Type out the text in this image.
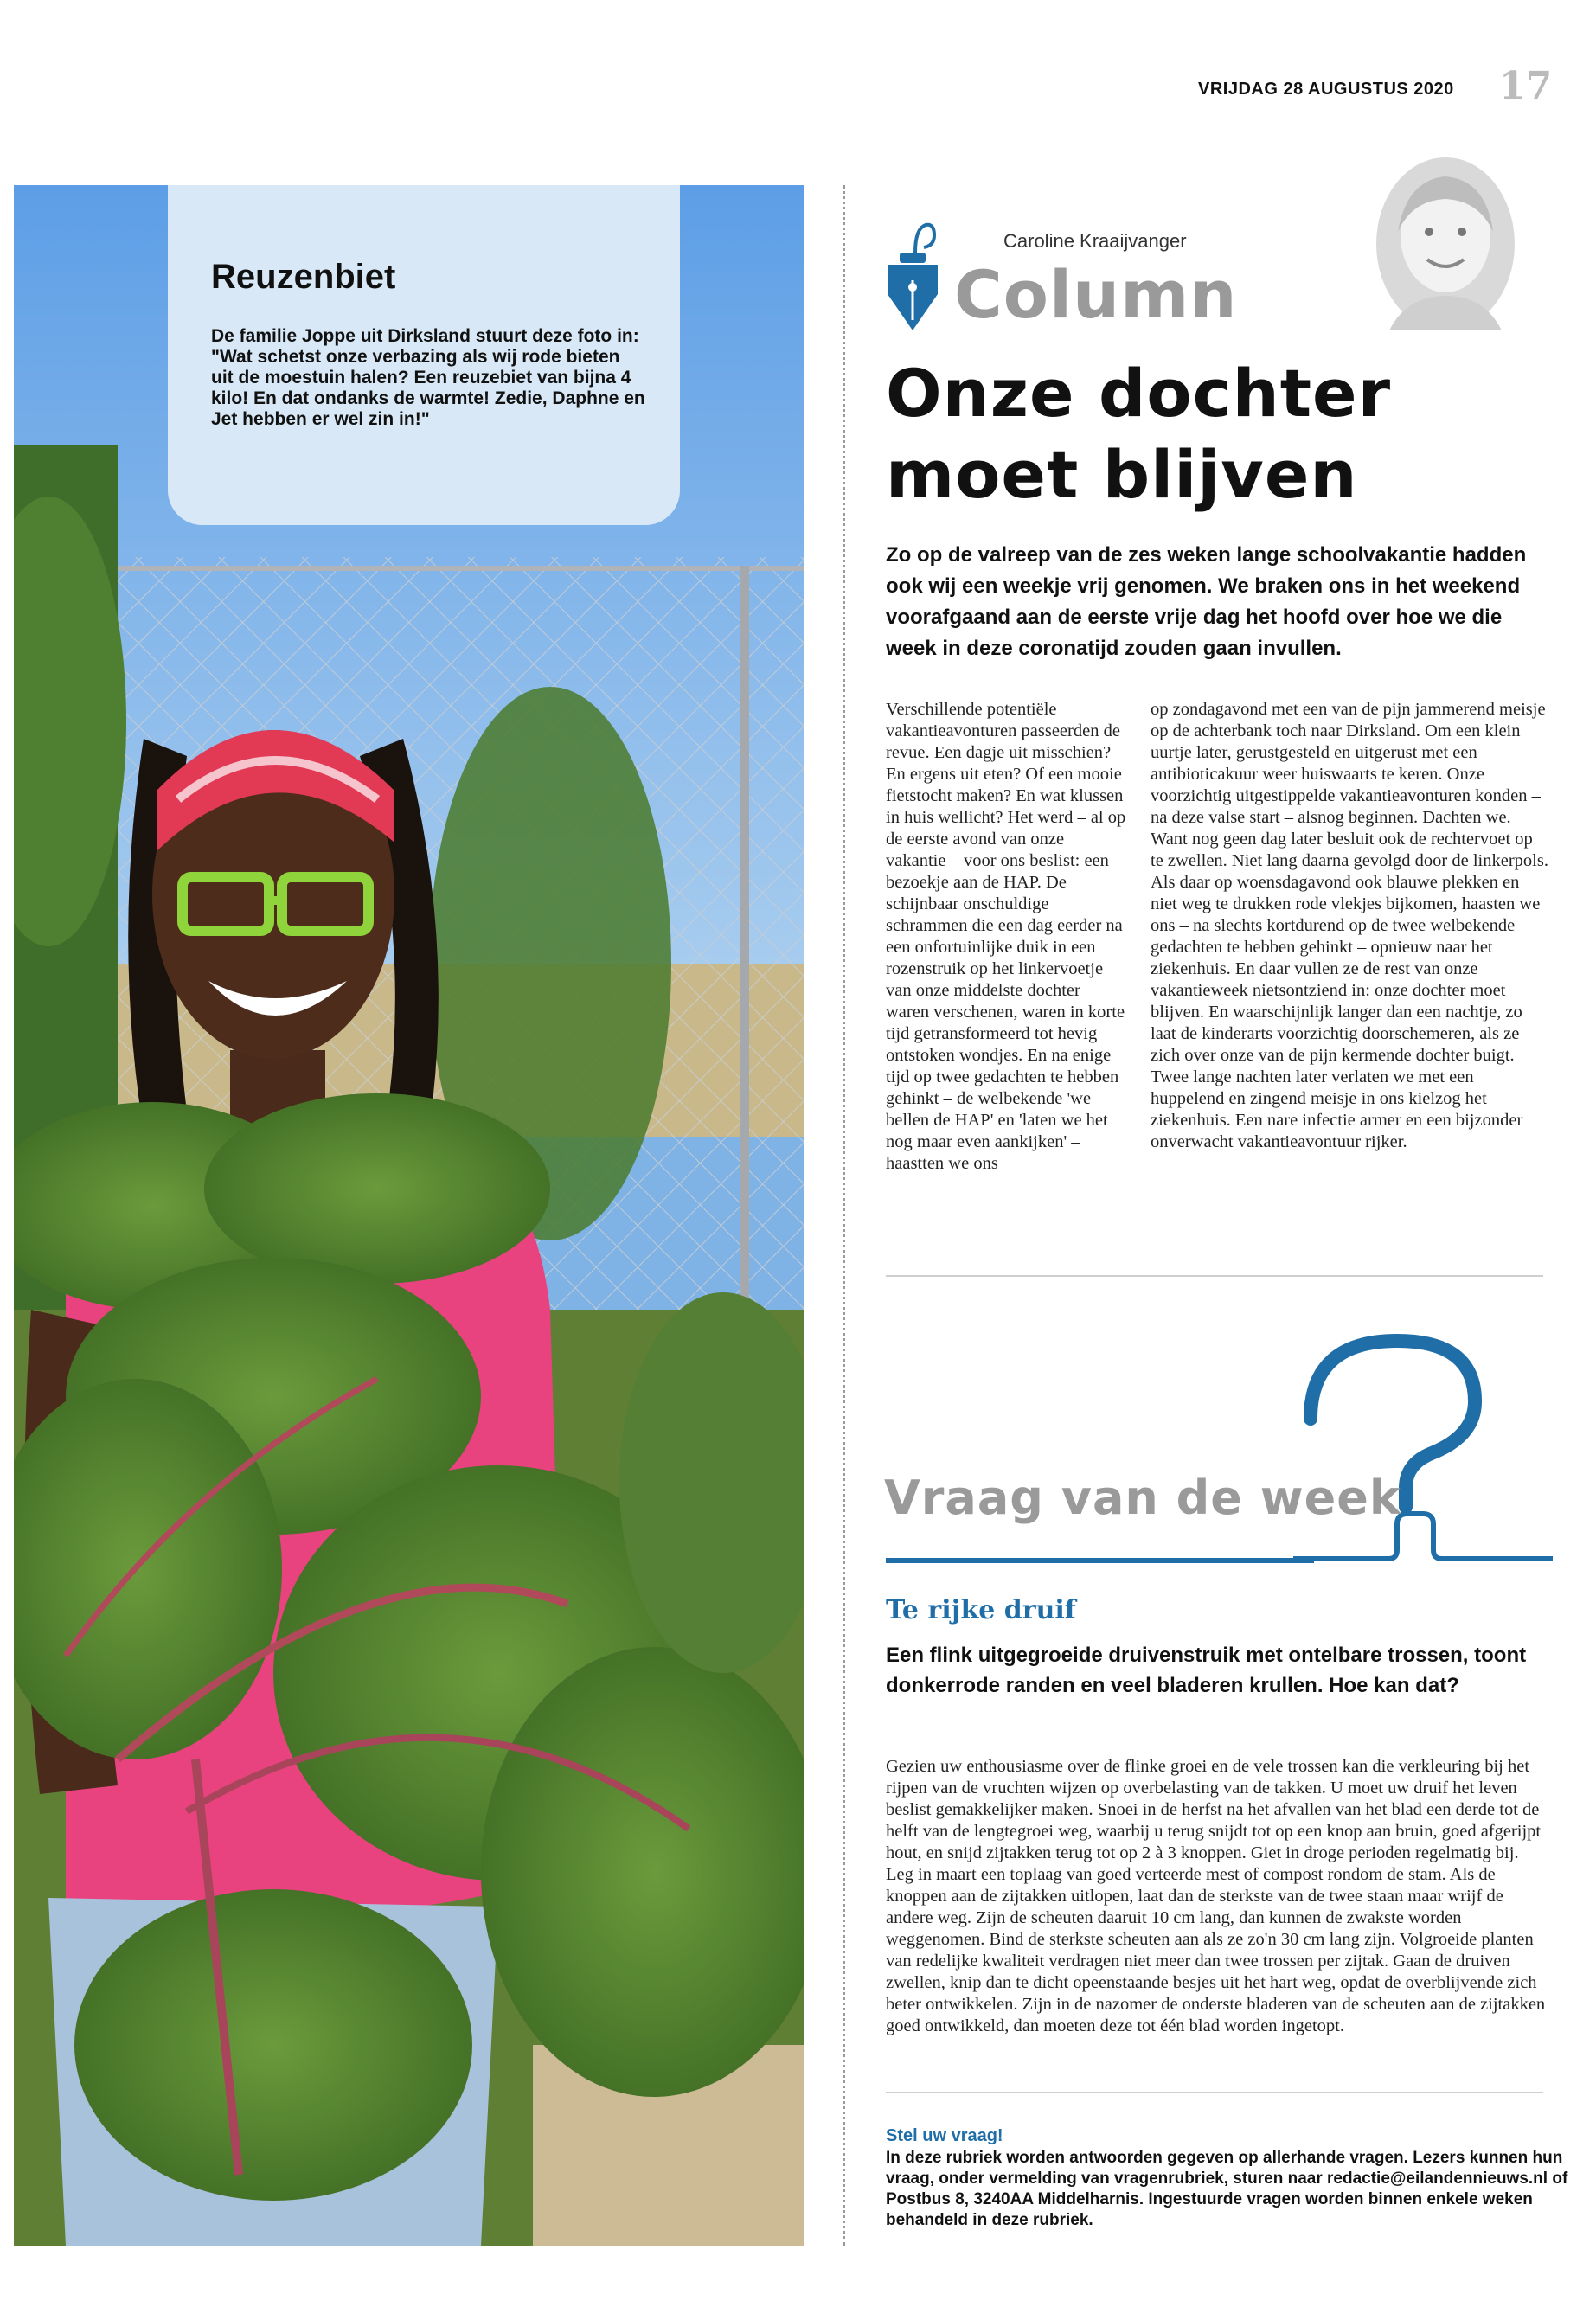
VRIJDAG 28 AUGUSTUS 2020 17
Reuzenbiet

De familie Joppe uit Dirksland stuurt deze foto in: "Wat schetst onze verbazing als wij rode bieten uit de moestuin halen? Een reuzebiet van bijna 4 kilo! En dat ondanks de warmte! Zedie, Daphne en Jet hebben er wel zin in!"

Caroline Kraaijvanger
Column
Onze dochter moet blijven

Zo op de valreep van de zes weken lange schoolvakantie hadden ook wij een weekje vrij genomen. We braken ons in het weekend voorafgaand aan de eerste vrije dag het hoofd over hoe we die week in deze coronatijd zouden gaan invullen.

Verschillende potentiële vakantieavonturen passeerden de revue. Een dagje uit misschien? En ergens uit eten? Of een mooie fietstocht maken? En wat klussen in huis wellicht? Het werd – al op de eerste avond van onze vakantie – voor ons beslist: een bezoekje aan de HAP. De schijnbaar onschuldige schrammen die een dag eerder na een onfortuinlijke duik in een rozenstruik op het linkervoetje van onze middelste dochter waren verschenen, waren in korte tijd getransformeerd tot hevig ontstoken wondjes. En na enige tijd op twee gedachten te hebben gehinkt – de welbekende 'we bellen de HAP' en 'laten we het nog maar even aankijken' – haastten we ons

op zondagavond met een van de pijn jammerend meisje op de achterbank toch naar Dirksland. Om een klein uurtje later, gerustgesteld en uitgerust met een antibioticakuur weer huiswaarts te keren. Onze voorzichtig uitgestippelde vakantieavonturen konden – na deze valse start – alsnog beginnen. Dachten we. Want nog geen dag later besluit ook de rechtervoet op te zwellen. Niet lang daarna gevolgd door de linkerpols. Als daar op woensdagavond ook blauwe plekken en niet weg te drukken rode vlekjes bijkomen, haasten we ons – na slechts kortdurend op de twee welbekende gedachten te hebben gehinkt – opnieuw naar het ziekenhuis. En daar vullen ze de rest van onze vakantieweek nietsontziend in: onze dochter moet blijven. En waarschijnlijk langer dan een nachtje, zo laat de kinderarts voorzichtig doorschemeren, als ze zich over onze van de pijn kermende dochter buigt. Twee lange nachten later verlaten we met een huppelend en zingend meisje in ons kielzog het ziekenhuis. Een nare infectie armer en een bijzonder onverwacht vakantieavontuur rijker.

Vraag van de week
Te rijke druif

Een flink uitgegroeide druivenstruik met ontelbare trossen, toont donkerrode randen en veel bladeren krullen. Hoe kan dat?

Gezien uw enthousiasme over de flinke groei en de vele trossen kan die verkleuring bij het rijpen van de vruchten wijzen op overbelasting van de takken. U moet uw druif het leven beslist gemakkelijker maken. Snoei in de herfst na het afvallen van het blad een derde tot de helft van de lengtegroei weg, waarbij u terug snijdt tot op een knop aan bruin, goed afgerijpt hout, en snijd zijtakken terug tot op 2 à 3 knoppen. Giet in droge perioden regelmatig bij. Leg in maart een toplaag van goed verteerde mest of compost rondom de stam. Als de knoppen aan de zijtakken uitlopen, laat dan de sterkste van de twee staan maar wrijf de andere weg. Zijn de scheuten daaruit 10 cm lang, dan kunnen de zwakste worden weggenomen. Bind de sterkste scheuten aan als ze zo'n 30 cm lang zijn. Volgroeide planten van redelijke kwaliteit verdragen niet meer dan twee trossen per zijtak. Gaan de druiven zwellen, knip dan te dicht opeenstaande besjes uit het hart weg, opdat de overblijvende zich beter ontwikkelen. Zijn in de nazomer de onderste bladeren van de scheuten aan de zijtakken goed ontwikkeld, dan moeten deze tot één blad worden ingetopt.

Stel uw vraag!

In deze rubriek worden antwoorden gegeven op allerhande vragen. Lezers kunnen hun vraag, onder vermelding van vragenrubriek, sturen naar redactie@eilandennieuws.nl of Postbus 8, 3240AA Middelharnis. Ingestuurde vragen worden binnen enkele weken behandeld in deze rubriek.
